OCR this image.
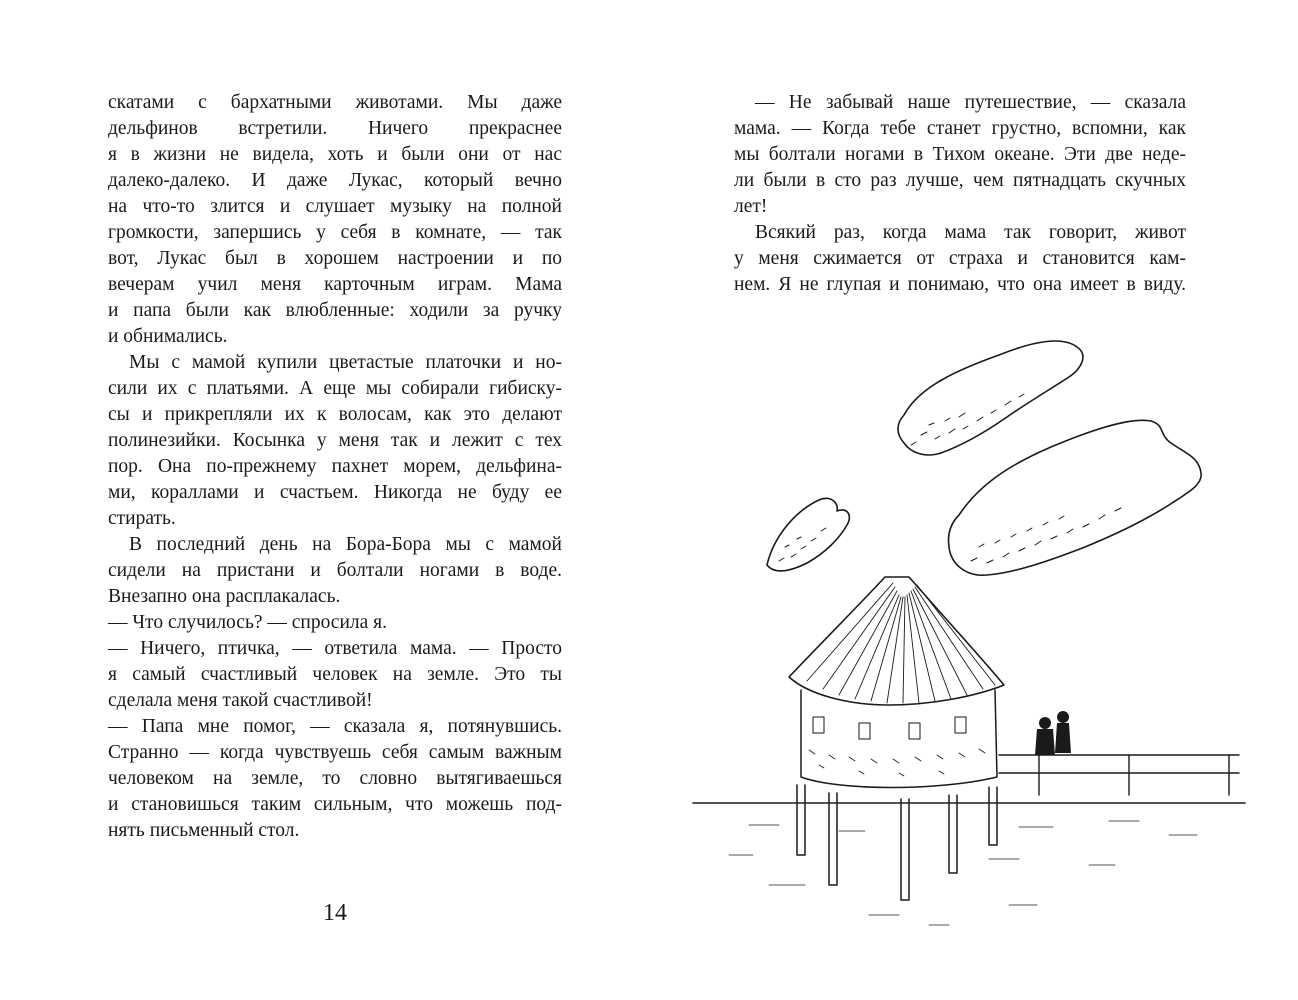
скатами с бархатными животами. Мы даже
дельфинов встретили. Ничего прекраснее
я в жизни не видела, хоть и были они от нас
далеко-далеко. И даже Лукас, который вечно
на что-то злится и слушает музыку на полной
громкости, запершись у себя в комнате, — так
вот, Лукас был в хорошем настроении и по
вечерам учил меня карточным играм. Мама
и папа были как влюбленные: ходили за ручку
и обнимались.
Мы с мамой купили цветастые платочки и но-
сили их с платьями. А еще мы собирали гибиску-
сы и прикрепляли их к волосам, как это делают
полинезийки. Косынка у меня так и лежит с тех
пор. Она по-прежнему пахнет морем, дельфина-
ми, кораллами и счастьем. Никогда не буду ее
стирать.
В последний день на Бора-Бора мы с мамой
сидели на пристани и болтали ногами в воде.
Внезапно она расплакалась.
— Что случилось? — спросила я.
— Ничего, птичка, — ответила мама. — Просто
я самый счастливый человек на земле. Это ты
сделала меня такой счастливой!
— Папа мне помог, — сказала я, потянувшись.
Странно — когда чувствуешь себя самым важным
человеком на земле, то словно вытягиваешься
и становишься таким сильным, что можешь под-
нять письменный стол.
14
— Не забывай наше путешествие, — сказала
мама. — Когда тебе станет грустно, вспомни, как
мы болтали ногами в Тихом океане. Эти две неде-
ли были в сто раз лучше, чем пятнадцать скучных
лет!
Всякий раз, когда мама так говорит, живот
у меня сжимается от страха и становится кам-
нем. Я не глупая и понимаю, что она имеет в виду.
